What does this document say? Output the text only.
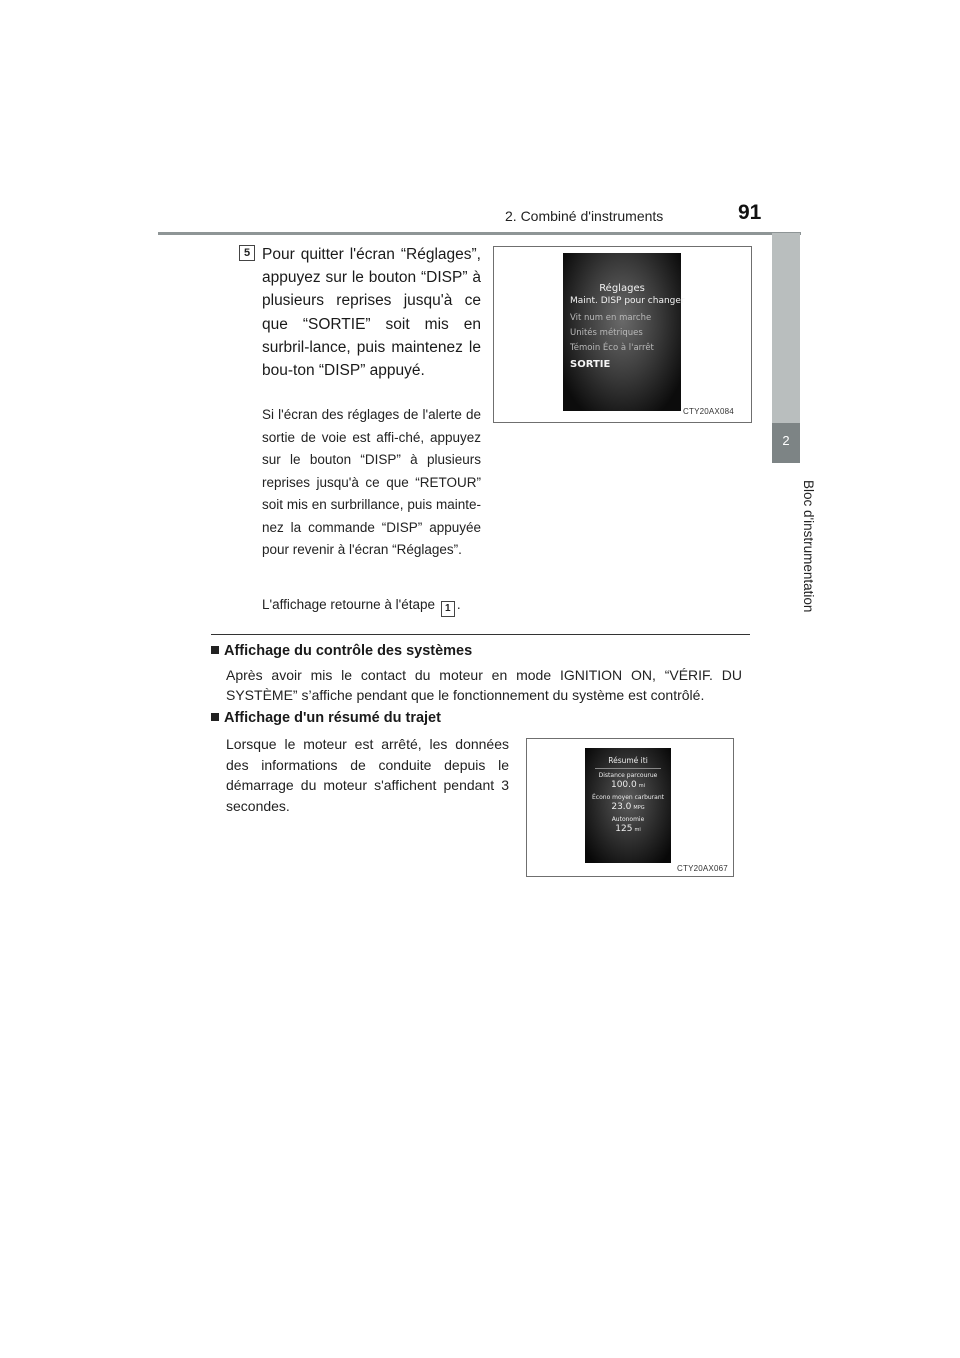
2. Combiné d'instruments	91
2
Bloc d'instrumentation
5 Pour quitter l'écran “Réglages”, appuyez sur le bouton “DISP” à plusieurs reprises jusqu'à ce que “SORTIE” soit mis en surbril-lance, puis maintenez le bou-ton “DISP” appuyé.
Si l'écran des réglages de l'alerte de sortie de voie est affi-ché, appuyez sur le bouton “DISP” à plusieurs reprises jusqu'à ce que “RETOUR” soit mis en surbrillance, puis mainte-nez la commande “DISP” appuyée pour revenir à l'écran “Réglages”.
L'affichage retourne à l'étape 1 .
CTY20AX084
Réglages
Maint. DISP pour changer
Vit num en marche
Unités métriques
Témoin Éco à l'arrêt
SORTIE
Affichage du contrôle des systèmes
Après avoir mis le contact du moteur en mode IGNITION ON, “VÉRIF. DU SYSTÈME” s’affiche pendant que le fonctionnement du système est contrôlé.
Affichage d'un résumé du trajet
Lorsque le moteur est arrêté, les données des informations de conduite depuis le démarrage du moteur s'affichent pendant 3 secondes.
CTY20AX067
Résumé iti
Distance parcourue
100.0 mi
Écono moyen carburant
23.0 MPG
Autonomie
125 mi
